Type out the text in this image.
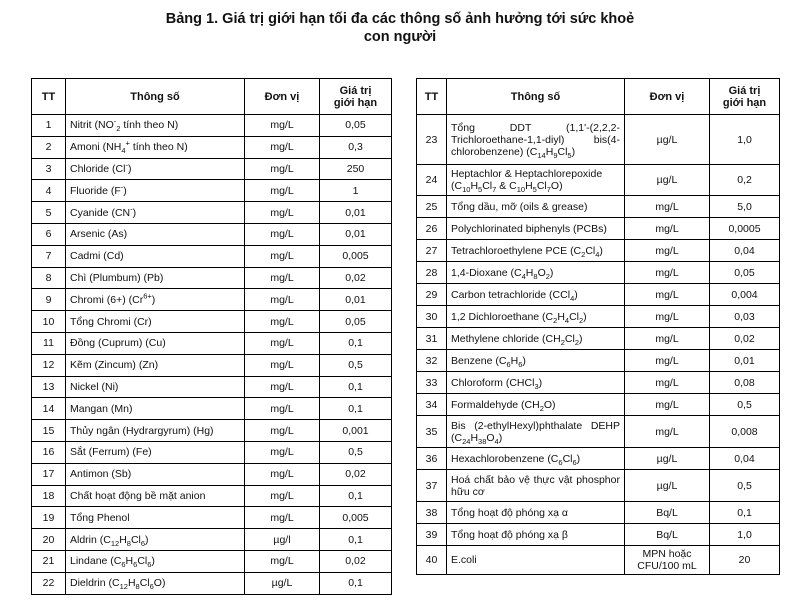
Bảng 1. Giá trị giới hạn tối đa các thông số ảnh hưởng tới sức khoẻ
con người
TT	Thông số	Đơn vị	Giá trị
giới hạn
1	Nitrit ($NO^-_2$ tính theo N)	mg/L	0,05
2	Amoni ($NH_4^+$ tính theo N)	mg/L	0,3
3	Chloride (Cl-)	mg/L	250
4	Fluoride (F-)	mg/L	1
5	Cyanide (CN-)	mg/L	0,01
6	Arsenic (As)	mg/L	0,01
7	Cadmi (Cd)	mg/L	0,005
8	Chì (Plumbum) (Pb)	mg/L	0,02
9	Chromi (6+) $(Cr^{6+})$	mg/L	0,01
10	Tổng Chromi (Cr)	mg/L	0,05
11	Đồng (Cuprum) (Cu)	mg/L	0,1
12	Kẽm (Zincum) (Zn)	mg/L	0,5
13	Nickel (Ni)	mg/L	0,1
14	Mangan (Mn)	mg/L	0,1
15	Thủy ngân (Hydrargyrum) (Hg)	mg/L	0,001
16	Sắt (Ferrum) (Fe)	mg/L	0,5
17	Antimon (Sb)	mg/L	0,02
18	Chất hoạt động bề mặt anion	mg/L	0,1
19	Tổng Phenol	mg/L	0,005
20	Aldrin $(C_{12}H_8Cl_6)$	µg/l	0,1
21	Lindane $(C_6H_6Cl_6)$	mg/L	0,02
22	Dieldrin $(C_{12}H_8Cl_6O)$	µg/L	0,1
TT	Thông số	Đơn vị	Giá trị
giới hạn
23	Tổng DDT (1,1'-(2,2,2-Trichloroethane-1,1-diyl) bis(4-chlorobenzene) $(C_{14}H_9Cl_5)$	µg/L	1,0
24	Heptachlor & Heptachlorepoxide ($C_{10}H_5Cl_7$ & $C_{10}H_5Cl_7O$)	µg/L	0,2
25	Tổng dầu, mỡ (oils & grease)	mg/L	5,0
26	Polychlorinated biphenyls (PCBs)	mg/L	0,0005
27	Tetrachloroethylene PCE $(C_2Cl_4)$	mg/L	0,04
28	1,4-Dioxane $(C_4H_8O_2)$	mg/L	0,05
29	Carbon tetrachloride (CCl$_4$)	mg/L	0,004
30	1,2 Dichloroethane $(C_2H_4Cl_2)$	mg/L	0,03
31	Methylene chloride $(CH_2Cl_2)$	mg/L	0,02
32	Benzene $(C_6H_6)$	mg/L	0,01
33	Chloroform (CHCl$_3$)	mg/L	0,08
34	Formaldehyde $(CH_2O)$	mg/L	0,5
35	Bis (2-ethylHexyl)phthalate DEHP $(C_{24}H_{38}O_4)$	mg/L	0,008
36	Hexachlorobenzene $(C_6Cl_6)$	µg/L	0,04
37	Hoá chất bảo vệ thực vật phosphor hữu cơ	µg/L	0,5
38	Tổng hoạt độ phóng xạ α	Bq/L	0,1
39	Tổng hoạt độ phóng xạ β	Bq/L	1,0
40	E.coli	MPN hoặc CFU/100 mL	20
